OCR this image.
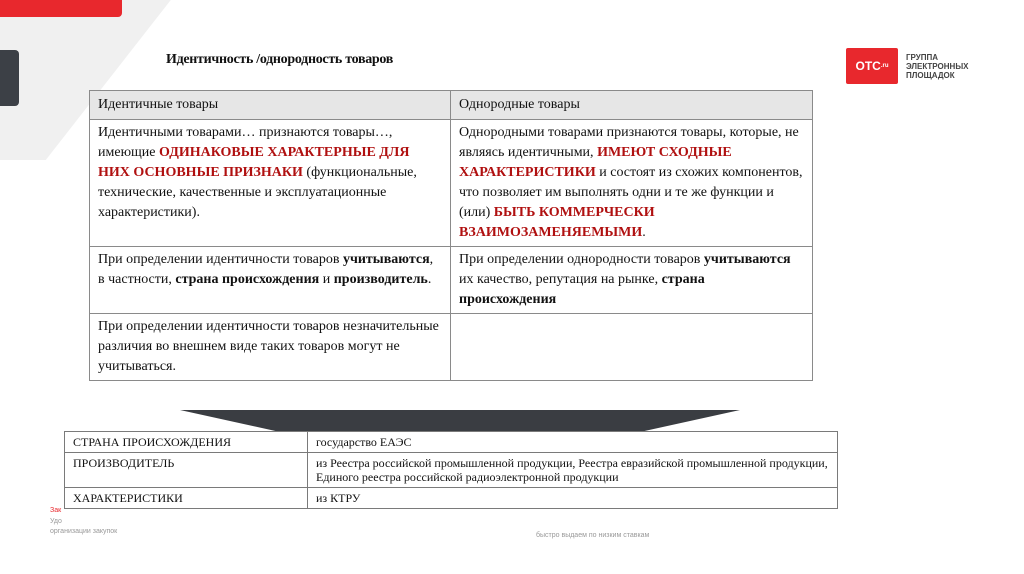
Идентичность /однородность товаров	ОТС .ru
ГРУППА
ЭЛЕКТРОННЫХ
ПЛОЩАДОК
Идентичные товары	Однородные товары
Идентичными товарами… признаются товары…, имеющие ОДИНАКОВЫЕ ХАРАКТЕРНЫЕ ДЛЯ НИХ ОСНОВНЫЕ ПРИЗНАКИ (функциональные, технические, качественные и эксплуатационные характеристики).	Однородными товарами признаются товары, которые, не являясь идентичными, ИМЕЮТ СХОДНЫЕ ХАРАКТЕРИСТИКИ и состоят из схожих компонентов, что позволяет им выполнять одни и те же функции и (или) БЫТЬ КОММЕРЧЕСКИ ВЗАИМОЗАМЕНЯЕМЫМИ.
При определении идентичности товаров учитываются, в частности, страна происхождения и производитель.	При определении однородности товаров учитываются их качество, репутация на рынке, страна происхождения
При определении идентичности товаров незначительные различия во внешнем виде таких товаров могут не учитываться.	
Зак
Удо
организации закупок
быстро выдаем по низким ставкам
СТРАНА ПРОИСХОЖДЕНИЯ	государство ЕАЭС
ПРОИЗВОДИТЕЛЬ	из Реестра российской промышленной продукции, Реестра евразийской промышленной продукции, Единого реестра российской радиоэлектронной продукции
ХАРАКТЕРИСТИКИ	из КТРУ
